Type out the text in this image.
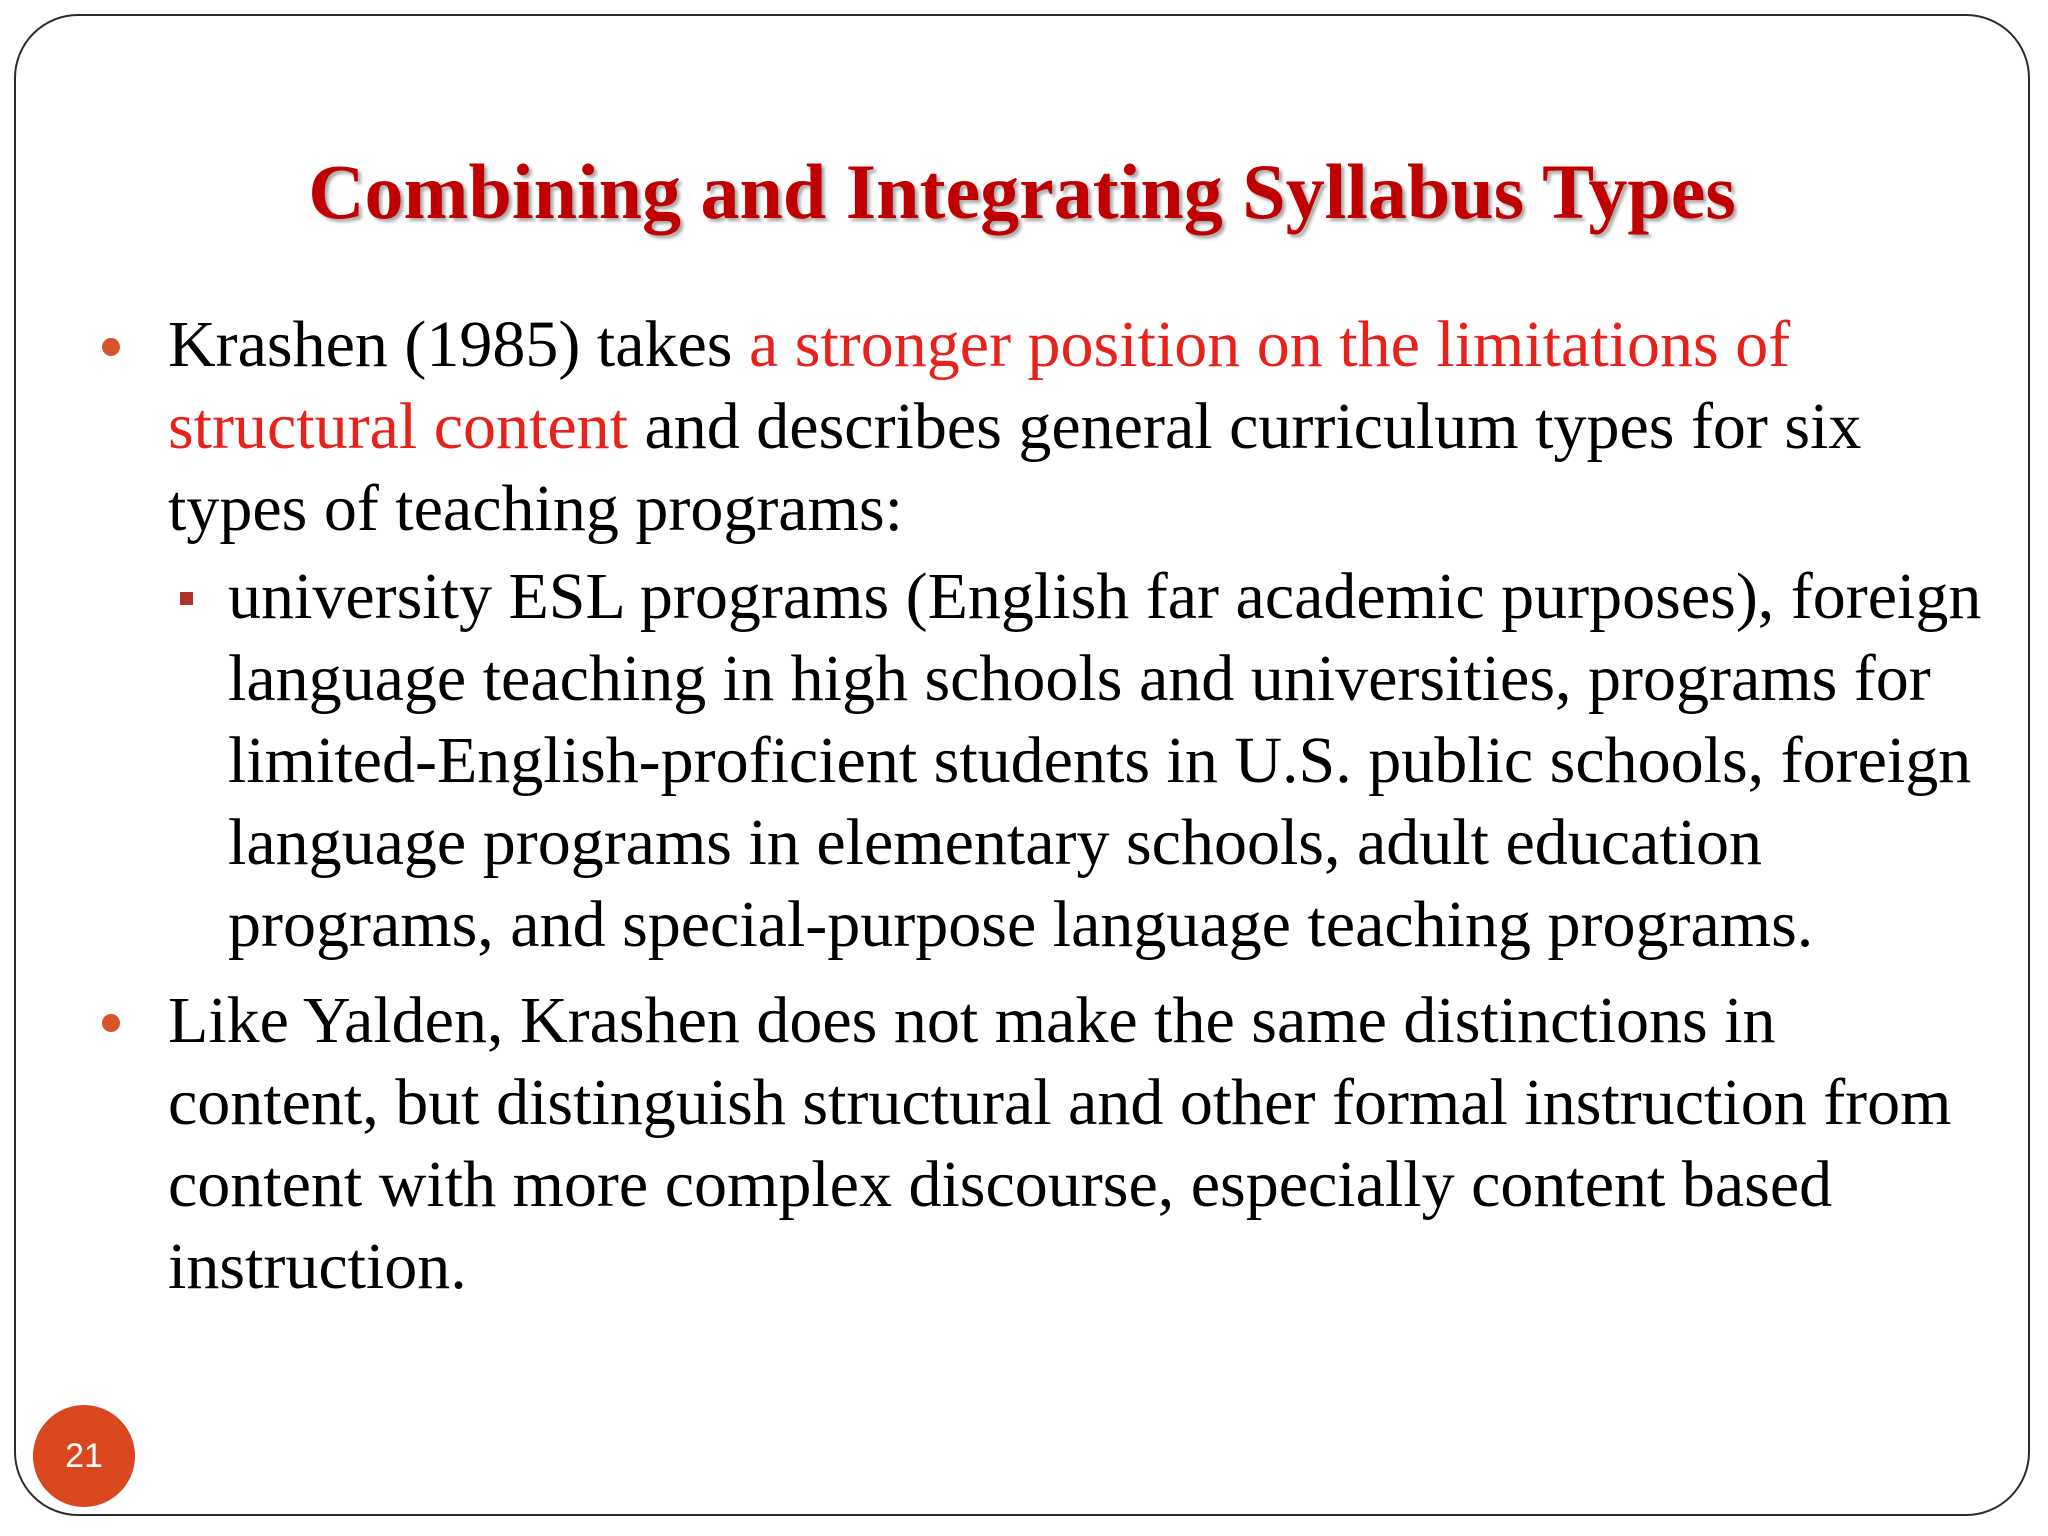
Combining and Integrating Syllabus Types
Krashen (1985) takes a stronger position on the limitations of structural content and describes general curriculum types for six types of teaching programs:
university ESL programs (English far academic purposes), foreign language teaching in high schools and universities, programs for limited-English-proficient students in U.S. public schools, foreign language programs in elementary schools, adult education programs, and special-purpose language teaching programs.
Like Yalden, Krashen does not make the same distinctions in content, but distinguish structural and other formal instruction from content with more complex discourse, especially content based instruction.
21
